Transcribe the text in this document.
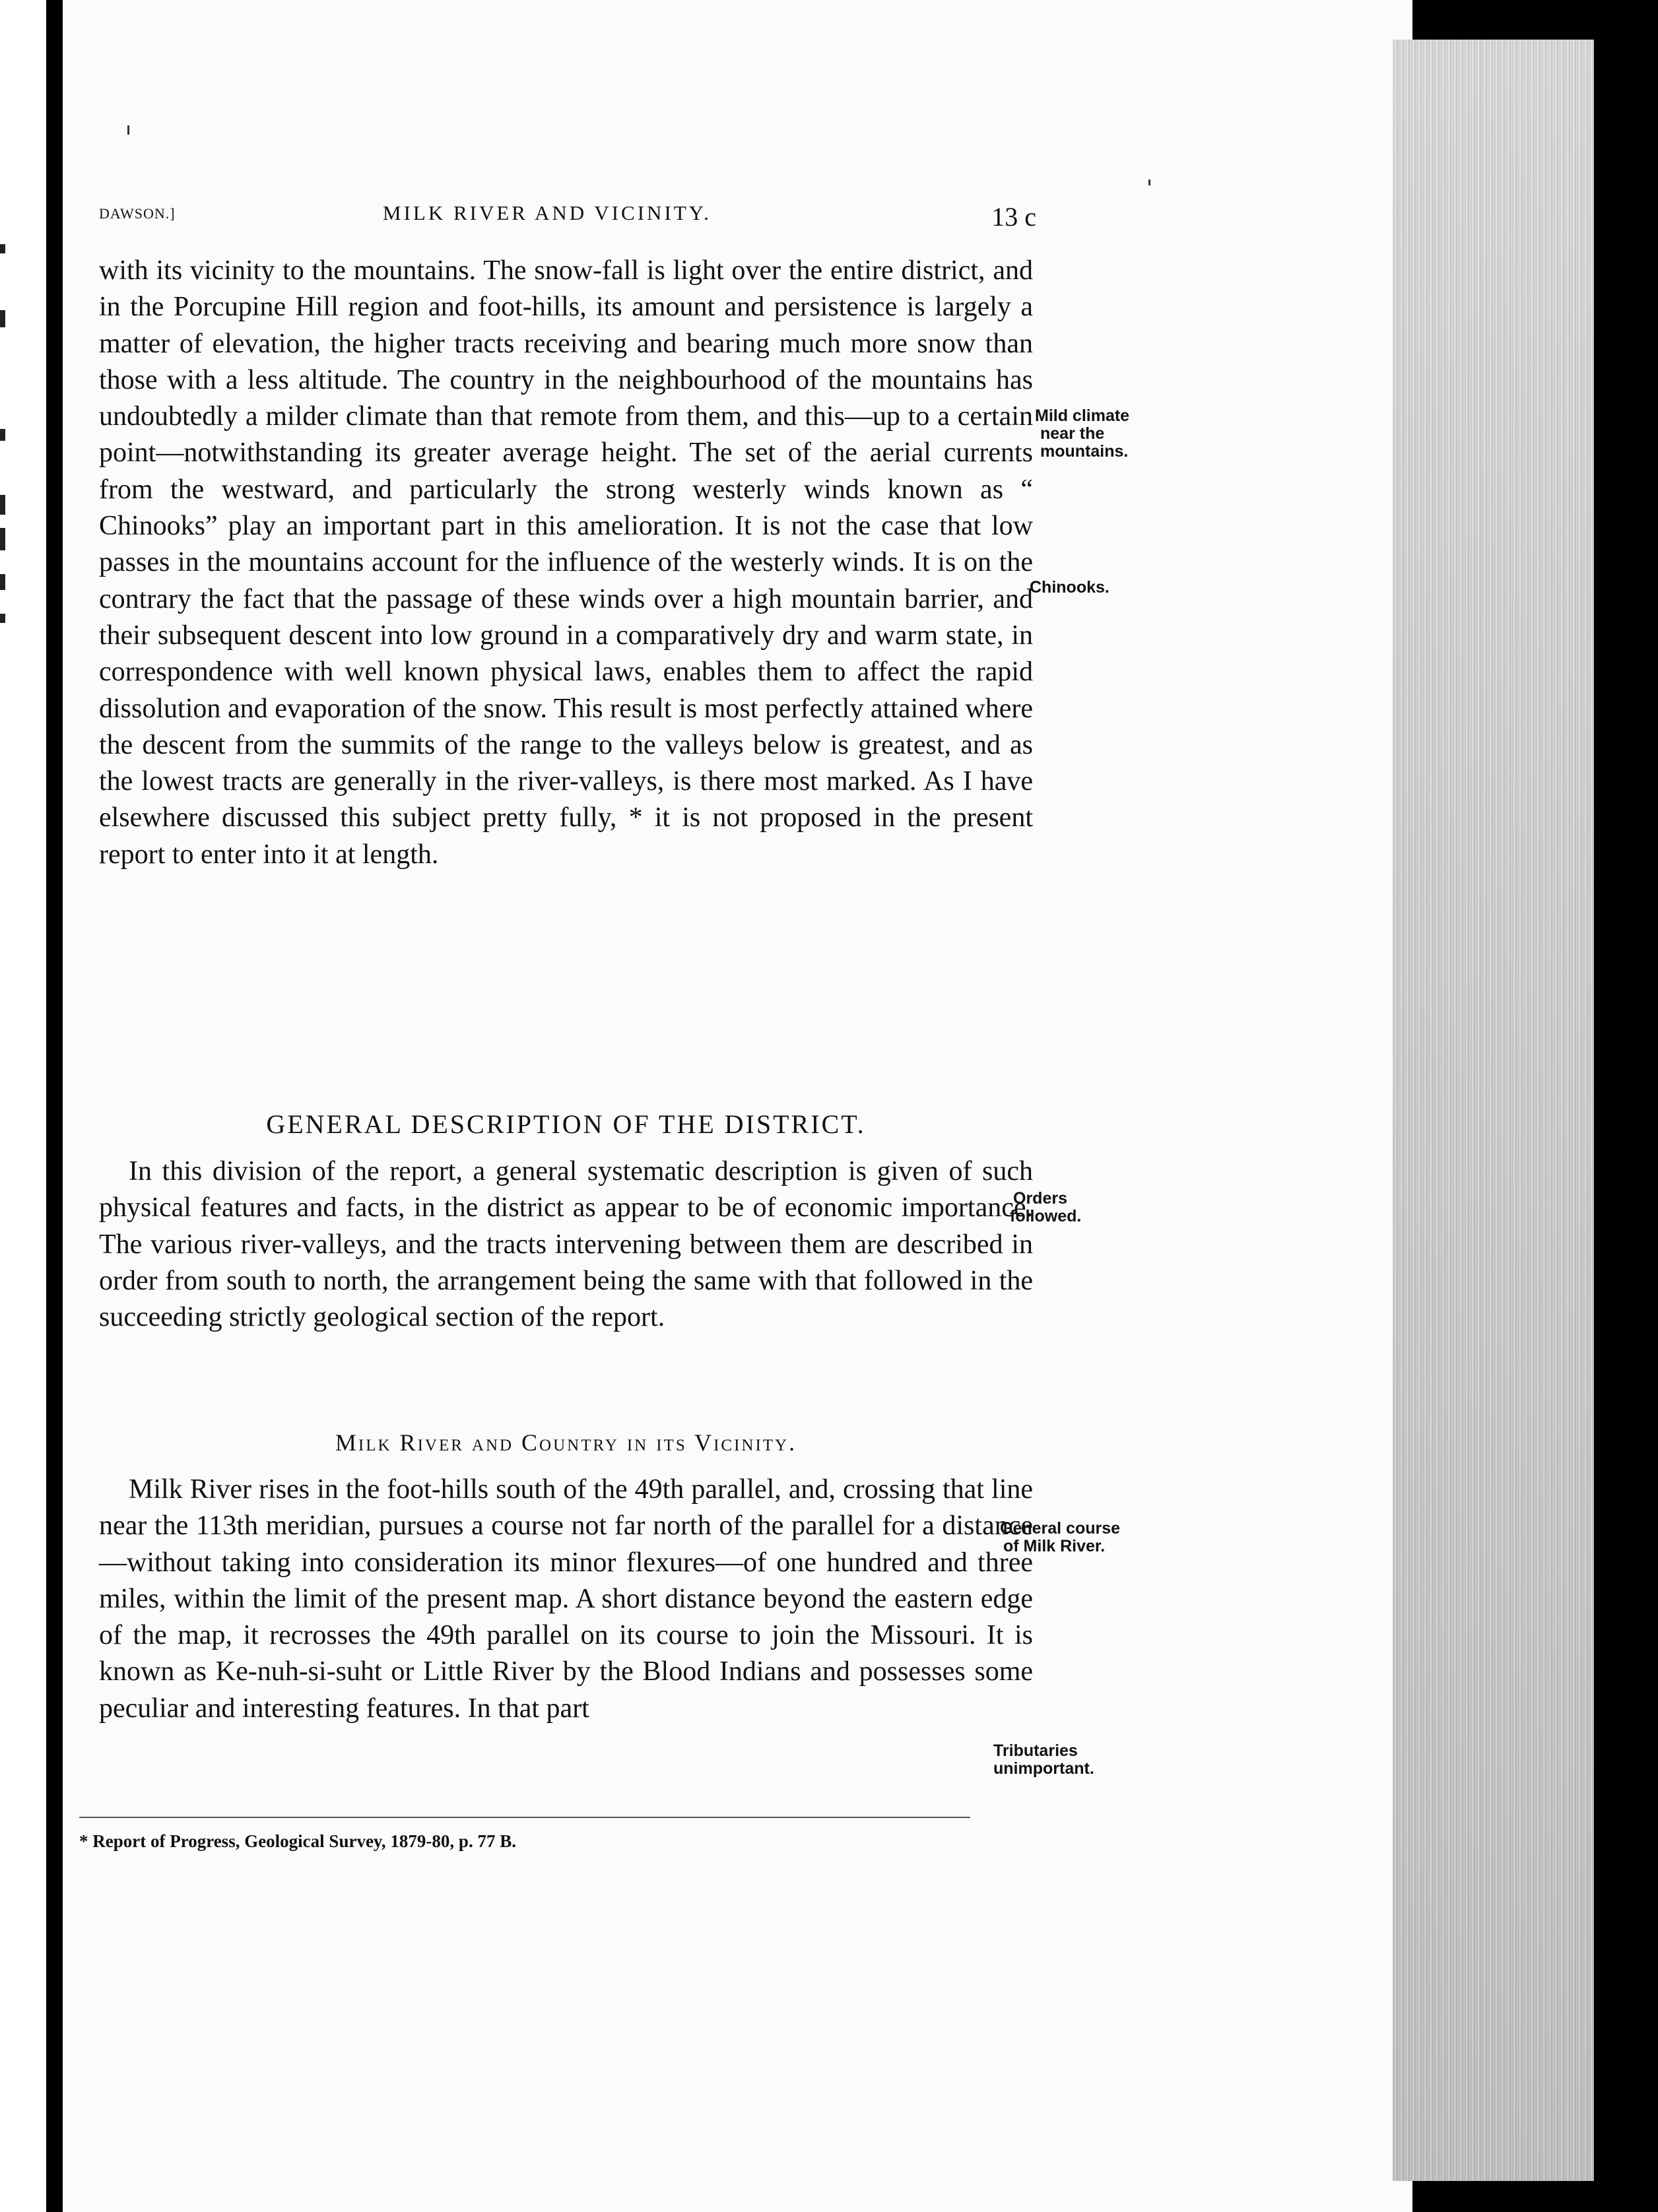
DAWSON.]	MILK RIVER AND VICINITY.	13 c

with its vicinity to the mountains. The snow-fall is light over the entire district, and in the Porcupine Hill region and foot-hills, its amount and persistence is largely a matter of elevation, the higher tracts receiving and bearing much more snow than those with a less altitude. The country in the neighbourhood of the mountains has undoubtedly a milder climate than that remote from them, and this—up to a certain point—notwithstanding its greater average height. The set of the aerial currents from the westward, and particularly the strong westerly winds known as “ Chinooks” play an important part in this amelioration. It is not the case that low passes in the mountains account for the influence of the westerly winds. It is on the contrary the fact that the passage of these winds over a high mountain barrier, and their subsequent descent into low ground in a comparatively dry and warm state, in correspondence with well known physical laws, enables them to affect the rapid dissolution and evaporation of the snow. This result is most perfectly attained where the descent from the summits of the range to the valleys below is greatest, and as the lowest tracts are generally in the river-valleys, is there most marked. As I have elsewhere discussed this subject pretty fully, * it is not proposed in the present report to enter into it at length.

GENERAL DESCRIPTION OF THE DISTRICT.

In this division of the report, a general systematic description is given of such physical features and facts, in the district as appear to be of economic importance. The various river-valleys, and the tracts intervening between them are described in order from south to north, the arrangement being the same with that followed in the succeeding strictly geological section of the report.

Milk River and Country in its Vicinity.

Milk River rises in the foot-hills south of the 49th parallel, and, crossing that line near the 113th meridian, pursues a course not far north of the parallel for a distance—without taking into consideration its minor flexures—of one hundred and three miles, within the limit of the present map. A short distance beyond the eastern edge of the map, it recrosses the 49th parallel on its course to join the Missouri. It is known as Ke-nuh-si-suht or Little River by the Blood Indians and possesses some peculiar and interesting features. In that part

Mild climate
near the
mountains.
Chinooks.
Orders
followed.
General course
of Milk River.
Tributaries
unimportant.
* Report of Progress, Geological Survey, 1879-80, p. 77 B.
